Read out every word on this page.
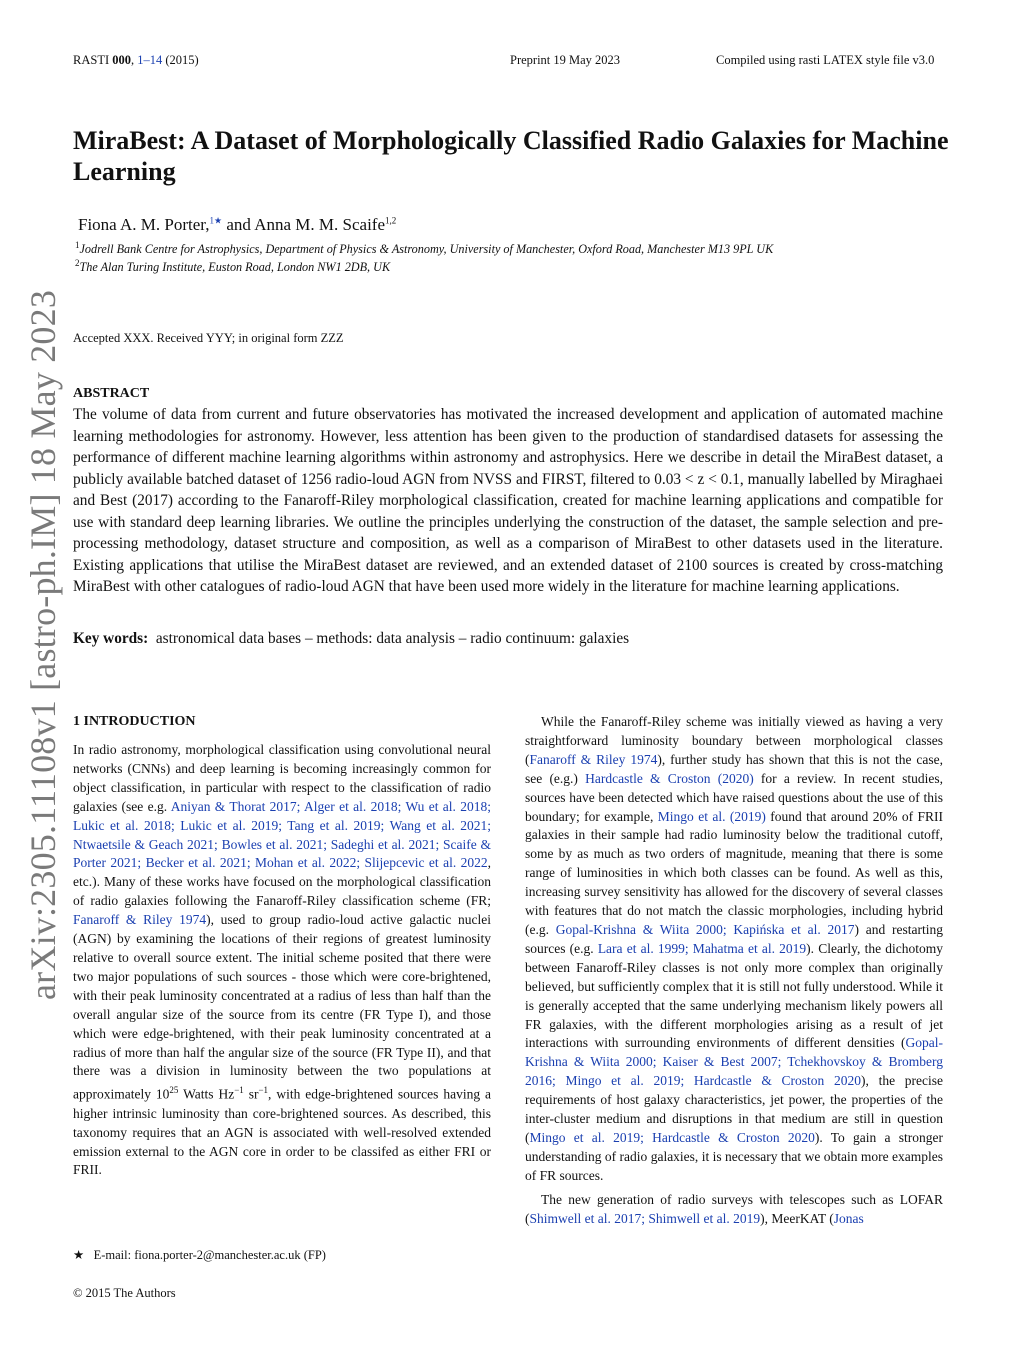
RASTI 000, 1–14 (2015)	Preprint 19 May 2023	Compiled using rasti LATEX style file v3.0
arXiv:2305.11108v1 [astro-ph.IM] 18 May 2023
MiraBest: A Dataset of Morphologically Classified Radio Galaxies for Machine Learning
Fiona A. M. Porter,$^{1★}$ and Anna M. M. Scaife$^{1,2}$
$^1$Jodrell Bank Centre for Astrophysics, Department of Physics & Astronomy, University of Manchester, Oxford Road, Manchester M13 9PL UK
$^2$The Alan Turing Institute, Euston Road, London NW1 2DB, UK
Accepted XXX. Received YYY; in original form ZZZ
ABSTRACT
The volume of data from current and future observatories has motivated the increased development and application of automated machine learning methodologies for astronomy. However, less attention has been given to the production of standardised datasets for assessing the performance of different machine learning algorithms within astronomy and astrophysics. Here we describe in detail the MiraBest dataset, a publicly available batched dataset of 1256 radio-loud AGN from NVSS and FIRST, filtered to 0.03 < z < 0.1, manually labelled by Miraghaei and Best (2017) according to the Fanaroff-Riley morphological classification, created for machine learning applications and compatible for use with standard deep learning libraries. We outline the principles underlying the construction of the dataset, the sample selection and pre-processing methodology, dataset structure and composition, as well as a comparison of MiraBest to other datasets used in the literature. Existing applications that utilise the MiraBest dataset are reviewed, and an extended dataset of 2100 sources is created by cross-matching MiraBest with other catalogues of radio-loud AGN that have been used more widely in the literature for machine learning applications.
Key words: astronomical data bases – methods: data analysis – radio continuum: galaxies
1 INTRODUCTION

In radio astronomy, morphological classification using convolutional neural networks (CNNs) and deep learning is becoming increasingly common for object classification, in particular with respect to the classification of radio galaxies (see e.g. Aniyan & Thorat 2017; Alger et al. 2018; Wu et al. 2018; Lukic et al. 2018; Lukic et al. 2019; Tang et al. 2019; Wang et al. 2021; Ntwaetsile & Geach 2021; Bowles et al. 2021; Sadeghi et al. 2021; Scaife & Porter 2021; Becker et al. 2021; Mohan et al. 2022; Slijepcevic et al. 2022, etc.). Many of these works have focused on the morphological classification of radio galaxies following the Fanaroff-Riley classification scheme (FR; Fanaroff & Riley 1974), used to group radio-loud active galactic nuclei (AGN) by examining the locations of their regions of greatest luminosity relative to overall source extent. The initial scheme posited that there were two major populations of such sources - those which were core-brightened, with their peak luminosity concentrated at a radius of less than half than the overall angular size of the source from its centre (FR Type I), and those which were edge-brightened, with their peak luminosity concentrated at a radius of more than half the angular size of the source (FR Type II), and that there was a division in luminosity between the two populations at approximately $10^{25}$ Watts $Hz^{-1}$ $sr^{-1}$, with edge-brightened sources having a higher intrinsic luminosity than core-brightened sources. As described, this taxonomy requires that an AGN is associated with well-resolved extended emission external to the AGN core in order to be classifed as either FRI or FRII.

While the Fanaroff-Riley scheme was initially viewed as having a very straightforward luminosity boundary between morphological classes (Fanaroff & Riley 1974), further study has shown that this is not the case, see (e.g.) Hardcastle & Croston (2020) for a review. In recent studies, sources have been detected which have raised questions about the use of this boundary; for example, Mingo et al. (2019) found that around 20% of FRII galaxies in their sample had radio luminosity below the traditional cutoff, some by as much as two orders of magnitude, meaning that there is some range of luminosities in which both classes can be found. As well as this, increasing survey sensitivity has allowed for the discovery of several classes with features that do not match the classic morphologies, including hybrid (e.g. Gopal-Krishna & Wiita 2000; Kapińska et al. 2017) and restarting sources (e.g. Lara et al. 1999; Mahatma et al. 2019). Clearly, the dichotomy between Fanaroff-Riley classes is not only more complex than originally believed, but sufficiently complex that it is still not fully understood. While it is generally accepted that the same underlying mechanism likely powers all FR galaxies, with the different morphologies arising as a result of jet interactions with surrounding environments of different densities (Gopal-Krishna & Wiita 2000; Kaiser & Best 2007; Tchekhovskoy & Bromberg 2016; Mingo et al. 2019; Hardcastle & Croston 2020), the precise requirements of host galaxy characteristics, jet power, the properties of the inter-cluster medium and disruptions in that medium are still in question (Mingo et al. 2019; Hardcastle & Croston 2020). To gain a stronger understanding of radio galaxies, it is necessary that we obtain more examples of FR sources.

The new generation of radio surveys with telescopes such as LOFAR (Shimwell et al. 2017; Shimwell et al. 2019), MeerKAT (Jonas

★ E-mail: fiona.porter-2@manchester.ac.uk (FP)
© 2015 The Authors
